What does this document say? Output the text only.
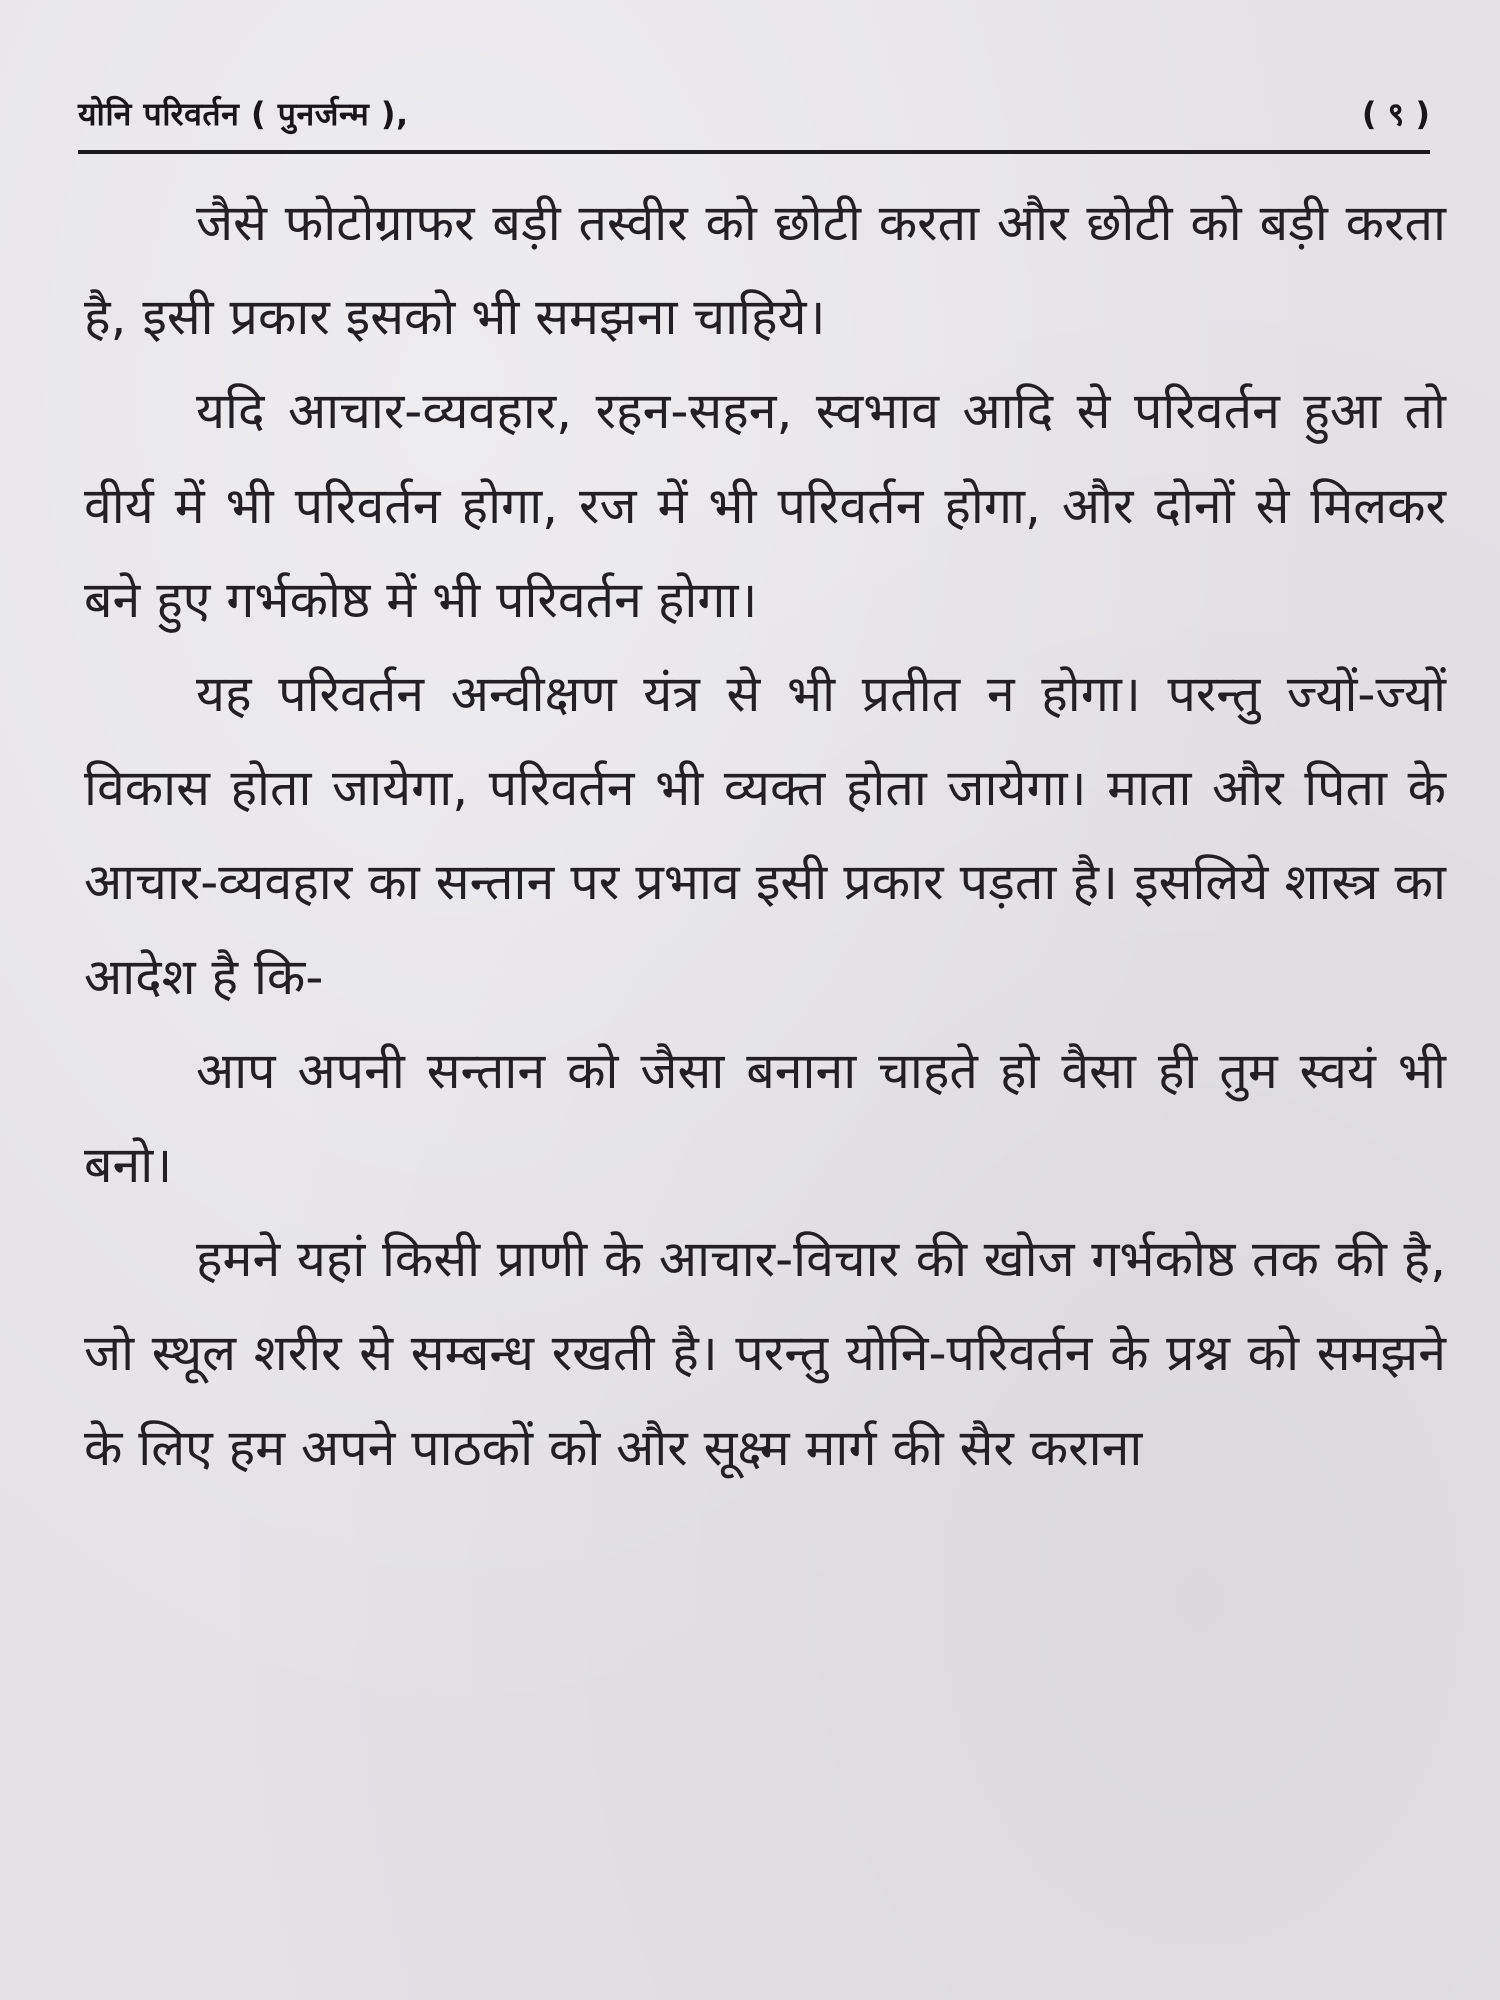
योनि परिवर्तन ( पुनर्जन्म ),	( ९ )

जैसे फोटोग्राफर बड़ी तस्वीर को छोटी करता और छोटी को बड़ी करता है, इसी प्रकार इसको भी समझना चाहिये।

यदि आचार-व्यवहार, रहन-सहन, स्वभाव आदि से परिवर्तन हुआ तो वीर्य में भी परिवर्तन होगा, रज में भी परिवर्तन होगा, और दोनों से मिलकर बने हुए गर्भकोष्ठ में भी परिवर्तन होगा।

यह परिवर्तन अन्वीक्षण यंत्र से भी प्रतीत न होगा। परन्तु ज्यों-ज्यों विकास होता जायेगा, परिवर्तन भी व्यक्त होता जायेगा। माता और पिता के आचार-व्यवहार का सन्तान पर प्रभाव इसी प्रकार पड़ता है। इसलिये शास्त्र का आदेश है कि-

आप अपनी सन्तान को जैसा बनाना चाहते हो वैसा ही तुम स्वयं भी बनो।

हमने यहां किसी प्राणी के आचार-विचार की खोज गर्भकोष्ठ तक की है, जो स्थूल शरीर से सम्बन्ध रखती है। परन्तु योनि-परिवर्तन के प्रश्न को समझने के लिए हम अपने पाठकों को और सूक्ष्म मार्ग की सैर कराना
